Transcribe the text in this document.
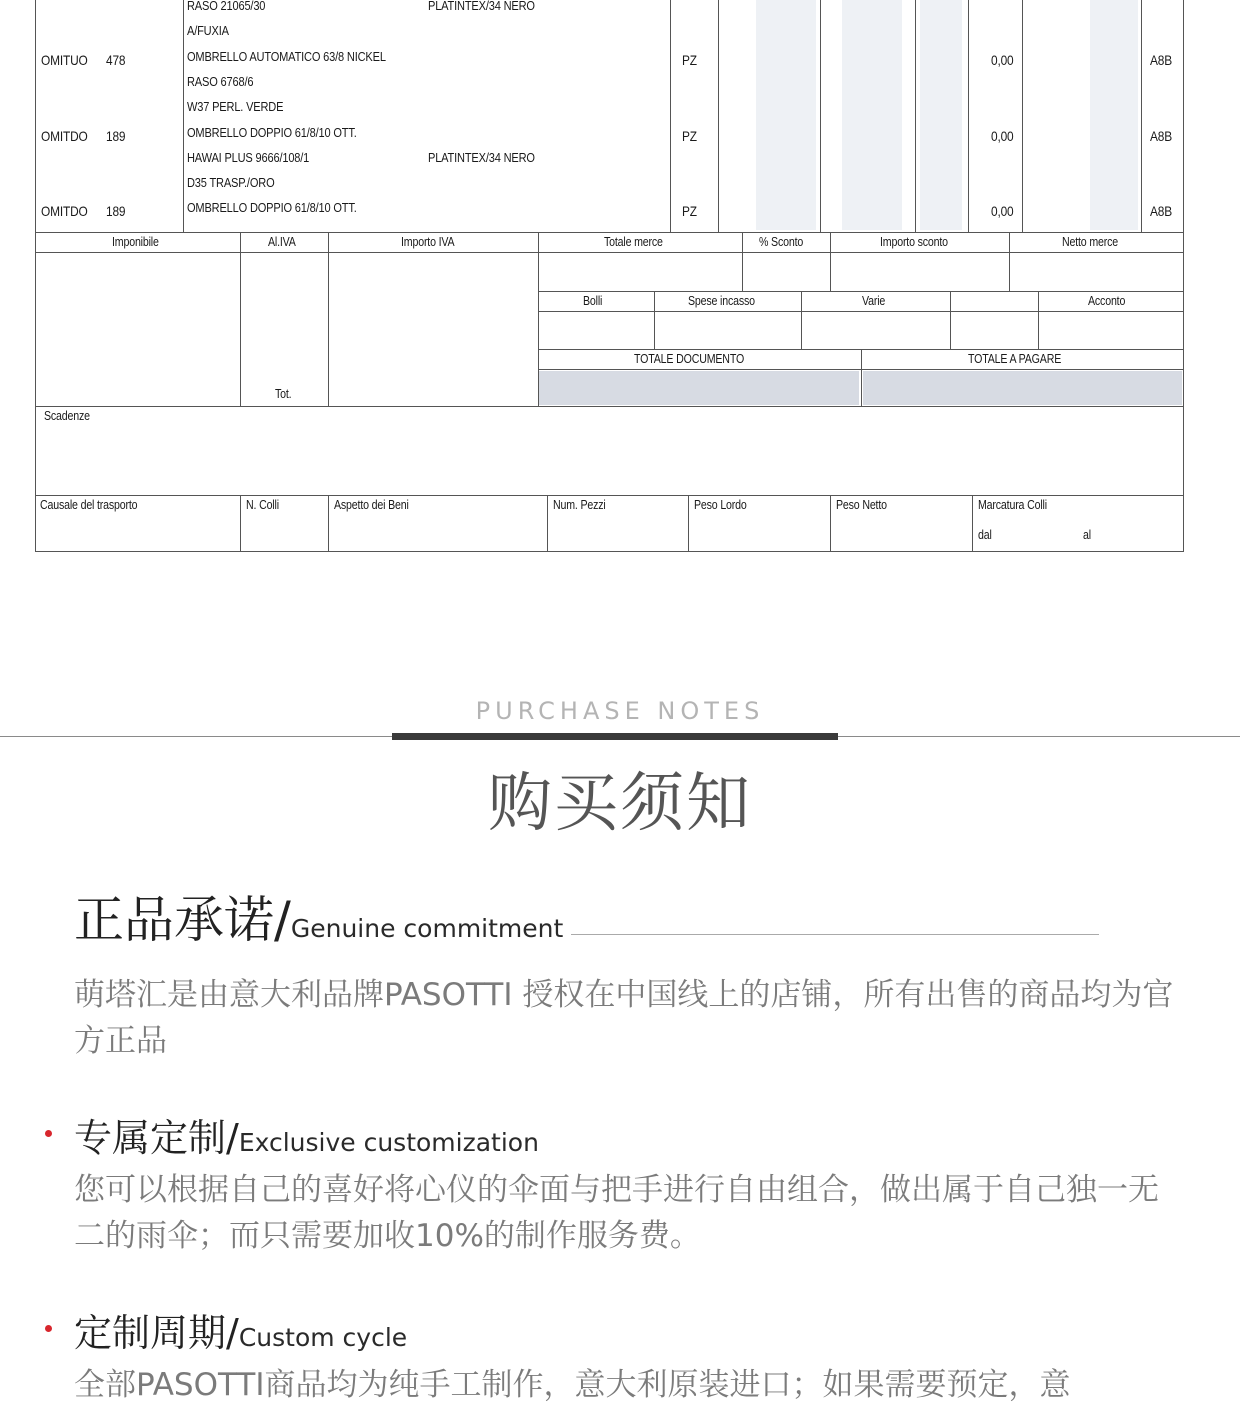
RASO 21065/30	PLATINTEX/34 NERO
A/FUXIA
OMITUO 478	OMBRELLO AUTOMATICO 63/8 NICKEL	PZ	0,00	A8B
RASO 6768/6
W37 PERL. VERDE
OMITDO 189	OMBRELLO DOPPIO 61/8/10 OTT.	PZ	0,00	A8B
HAWAI PLUS 9666/108/1	PLATINTEX/34 NERO
D35 TRASP./ORO
OMITDO 189	OMBRELLO DOPPIO 61/8/10 OTT.	PZ	0,00	A8B
Imponibile	Al.IVA	Importo IVA	Totale merce	% Sconto	Importo sconto	Netto merce
Bolli	Spese incasso	Varie	Acconto
TOTALE DOCUMENTO	TOTALE A PAGARE
Tot.
Scadenze
Causale del trasporto	N. Colli	Aspetto dei Beni	Num. Pezzi	Peso Lordo	Peso Netto	Marcatura Colli
dal	al
PURCHASE NOTES
购买须知
正品承诺/Genuine commitment
萌塔汇是由意大利品牌PASOTTI 授权在中国线上的店铺，所有出售的商品均为官方正品
专属定制/Exclusive customization
您可以根据自己的喜好将心仪的伞面与把手进行自由组合，做出属于自己独一无二的雨伞；而只需要加收10%的制作服务费。
定制周期/Custom cycle
全部PASOTTI商品均为纯手工制作，意大利原装进口；如果需要预定，意
